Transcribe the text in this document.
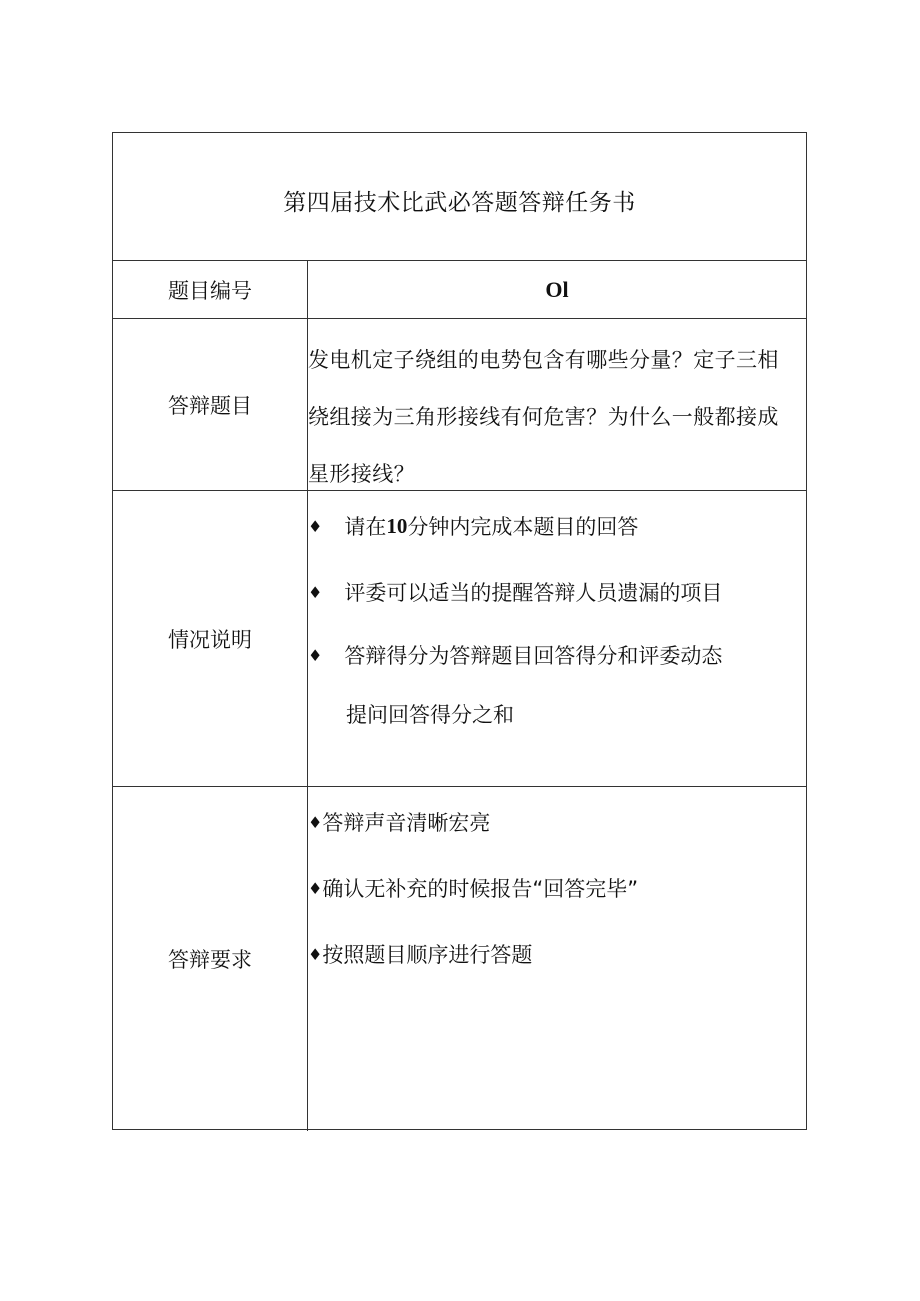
第四届技术比武必答题答辩任务书
题目编号	Ol
答辩题目
发电机定子绕组的电势包含有哪些分量？定子三相绕组接为三角形接线有何危害？为什么一般都接成星形接线？
情况说明
♦ 请在 10 分钟内完成本题目的回答
♦ 评委可以适当的提醒答辩人员遗漏的项目
♦ 答辩得分为答辩题目回答得分和评委动态
提问回答得分之和
答辩要求
♦ 答辩声音清晰宏亮
♦ 确认无补充的时候报告“回答完毕”
♦ 按照题目顺序进行答题
